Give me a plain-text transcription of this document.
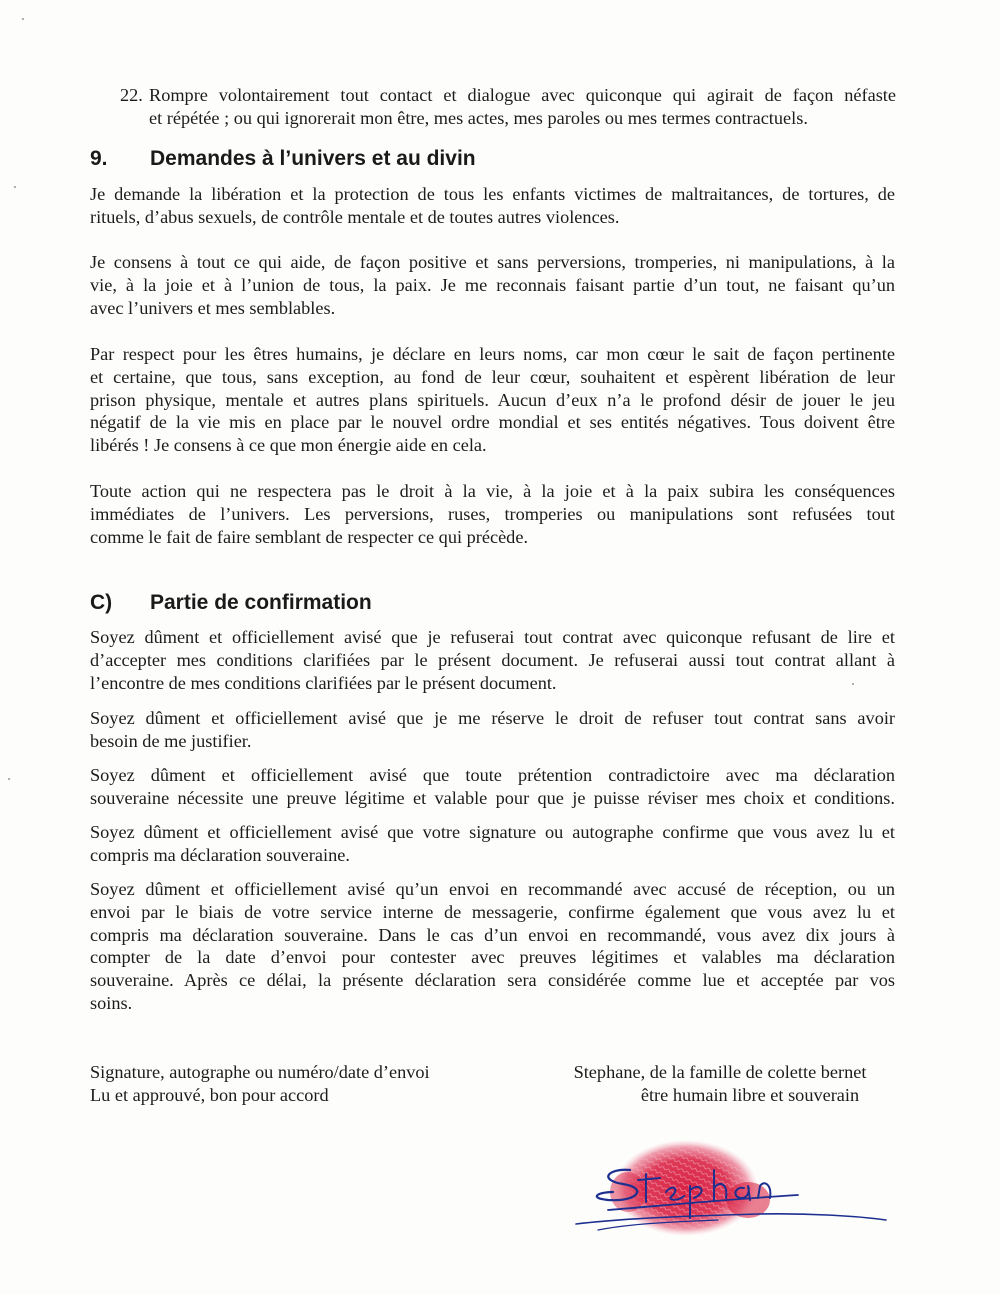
22. Rompre volontairement tout contact et dialogue avec quiconque qui agirait de façon néfaste
et répétée ; ou qui ignorerait mon être, mes actes, mes paroles ou mes termes contractuels.
9. Demandes à l’univers et au divin
Je demande la libération et la protection de tous les enfants victimes de maltraitances, de tortures, de
rituels, d’abus sexuels, de contrôle mentale et de toutes autres violences.
Je consens à tout ce qui aide, de façon positive et sans perversions, tromperies, ni manipulations, à la
vie, à la joie et à l’union de tous, la paix. Je me reconnais faisant partie d’un tout, ne faisant qu’un
avec l’univers et mes semblables.
Par respect pour les êtres humains, je déclare en leurs noms, car mon cœur le sait de façon pertinente
et certaine, que tous, sans exception, au fond de leur cœur, souhaitent et espèrent libération de leur
prison physique, mentale et autres plans spirituels. Aucun d’eux n’a le profond désir de jouer le jeu
négatif de la vie mis en place par le nouvel ordre mondial et ses entités négatives. Tous doivent être
libérés ! Je consens à ce que mon énergie aide en cela.
Toute action qui ne respectera pas le droit à la vie, à la joie et à la paix subira les conséquences
immédiates de l’univers. Les perversions, ruses, tromperies ou manipulations sont refusées tout
comme le fait de faire semblant de respecter ce qui précède.
C) Partie de confirmation
Soyez dûment et officiellement avisé que je refuserai tout contrat avec quiconque refusant de lire et
d’accepter mes conditions clarifiées par le présent document. Je refuserai aussi tout contrat allant à
l’encontre de mes conditions clarifiées par le présent document.
Soyez dûment et officiellement avisé que je me réserve le droit de refuser tout contrat sans avoir
besoin de me justifier.
Soyez dûment et officiellement avisé que toute prétention contradictoire avec ma déclaration
souveraine nécessite une preuve légitime et valable pour que je puisse réviser mes choix et conditions.
Soyez dûment et officiellement avisé que votre signature ou autographe confirme que vous avez lu et
compris ma déclaration souveraine.
Soyez dûment et officiellement avisé qu’un envoi en recommandé avec accusé de réception, ou un
envoi par le biais de votre service interne de messagerie, confirme également que vous avez lu et
compris ma déclaration souveraine. Dans le cas d’un envoi en recommandé, vous avez dix jours à
compter de la date d’envoi pour contester avec preuves légitimes et valables ma déclaration
souveraine. Après ce délai, la présente déclaration sera considérée comme lue et acceptée par vos
soins.
Signature, autographe ou numéro/date d’envoi
Lu et approuvé, bon pour accord
Stephane, de la famille de colette bernet
être humain libre et souverain
